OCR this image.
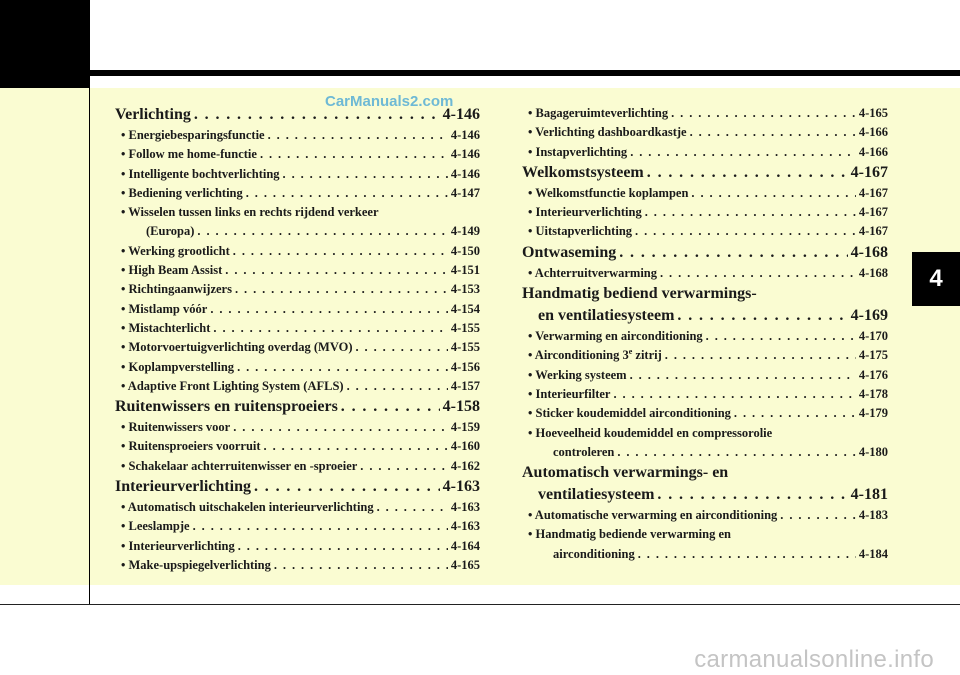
4
Verlichting . . .	4-146
• Energiebesparingsfunctie . . .	4-146
• Follow me home-functie . . .	4-146
• Intelligente bochtverlichting . . .	4-146
• Bediening verlichting . . .	4-147
• Wisselen tussen links en rechts rijdend verkeer
(Europa) . . .	4-149
• Werking grootlicht . . .	4-150
• High Beam Assist . . .	4-151
• Richtingaanwijzers . . .	4-153
• Mistlamp vóór . . .	4-154
• Mistachterlicht . . .	4-155
• Motorvoertuigverlichting overdag (MVO) . . .	4-155
• Koplampverstelling . . .	4-156
• Adaptive Front Lighting System (AFLS) . . .	4-157
Ruitenwissers en ruitensproeiers . . .	4-158
• Ruitenwissers voor . . .	4-159
• Ruitensproeiers voorruit . . .	4-160
• Schakelaar achterruitenwisser en -sproeier . . .	4-162
Interieurverlichting . . .	4-163
• Automatisch uitschakelen interieurverlichting . . .	4-163
• Leeslampje . . .	4-163
• Interieurverlichting . . .	4-164
• Make-upspiegelverlichting . . .	4-165
• Bagageruimteverlichting . . .	4-165
• Verlichting dashboardkastje . . .	4-166
• Instapverlichting . . .	4-166
Welkomstsysteem . . .	4-167
• Welkomstfunctie koplampen . . .	4-167
• Interieurverlichting . . .	4-167
• Uitstapverlichting . . .	4-167
Ontwaseming . . .	4-168
• Achterruitverwarming . . .	4-168
Handmatig bediend verwarmings-
en ventilatiesysteem . . .	4-169
• Verwarming en airconditioning . . .	4-170
• Airconditioning 3e zitrij . . .	4-175
• Werking systeem . . .	4-176
• Interieurfilter . . .	4-178
• Sticker koudemiddel airconditioning . . .	4-179
• Hoeveelheid koudemiddel en compressorolie
controleren . . .	4-180
Automatisch verwarmings- en
ventilatiesysteem . . .	4-181
• Automatische verwarming en airconditioning . . .	4-183
• Handmatig bediende verwarming en
airconditioning . . .	4-184
CarManuals2.com
carmanualsonline.info
